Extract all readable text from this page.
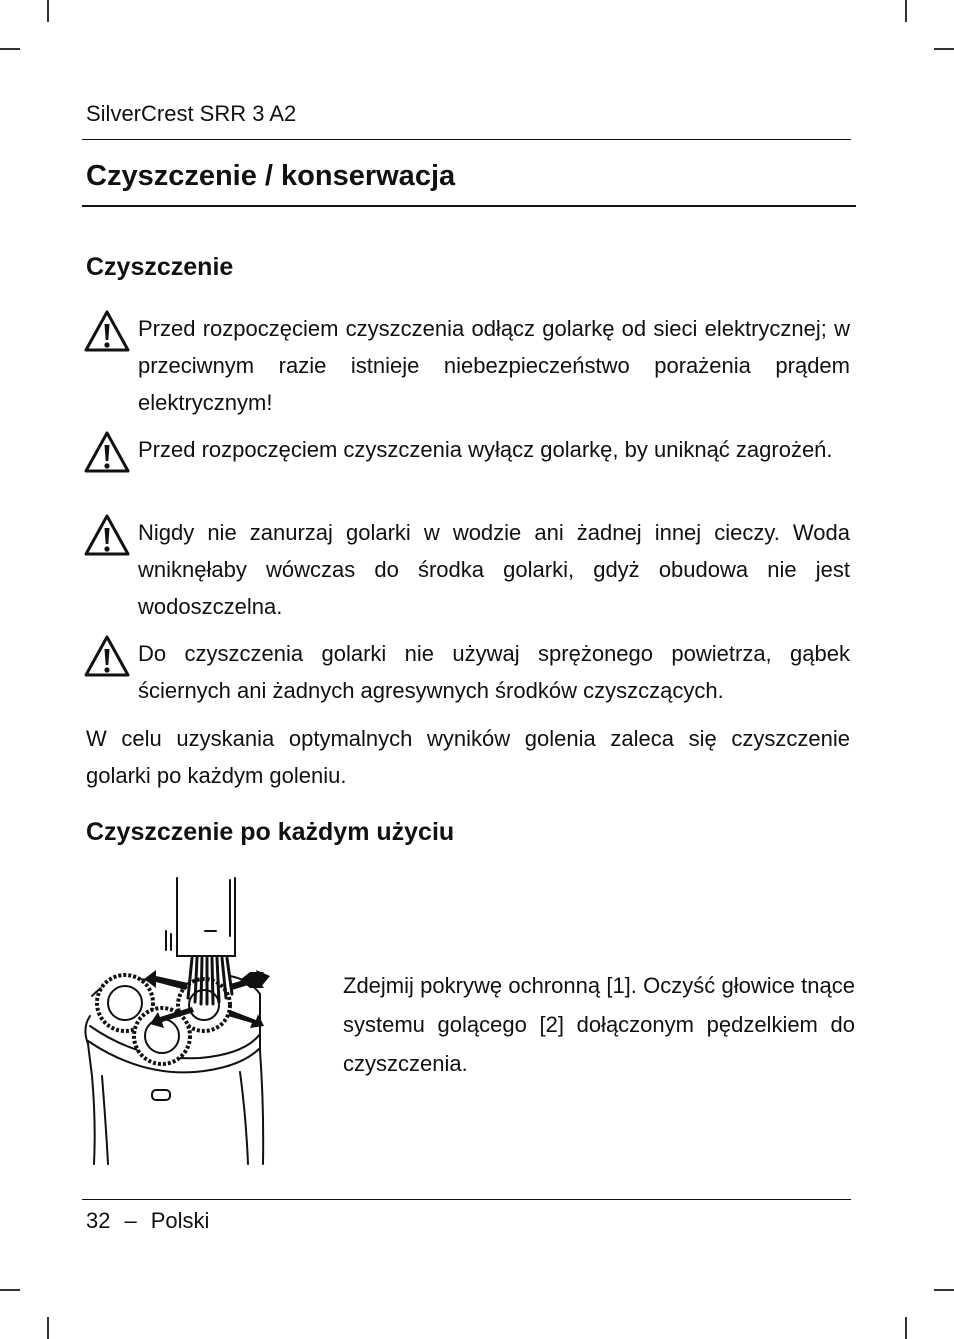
SilverCrest SRR 3 A2
Czyszczenie / konserwacja
Czyszczenie
Przed rozpoczęciem czyszczenia odłącz golarkę od sieci elektrycznej; w przeciwnym razie istnieje niebezpieczeństwo porażenia prądem elektrycznym!
Przed rozpoczęciem czyszczenia wyłącz golarkę, by uniknąć zagrożeń.
Nigdy nie zanurzaj golarki w wodzie ani żadnej innej cieczy. Woda wniknęłaby wówczas do środka golarki, gdyż obudowa nie jest wodoszczelna.
Do czyszczenia golarki nie używaj sprężonego powietrza, gąbek ściernych ani żadnych agresywnych środków czyszczących.
W celu uzyskania optymalnych wyników golenia zaleca się czyszczenie golarki po każdym goleniu.
Czyszczenie po każdym użyciu
Zdejmij pokrywę ochronną [1]. Oczyść głowice tnące systemu golącego [2] dołączonym pędzelkiem do czyszczenia.
32 – Polski
